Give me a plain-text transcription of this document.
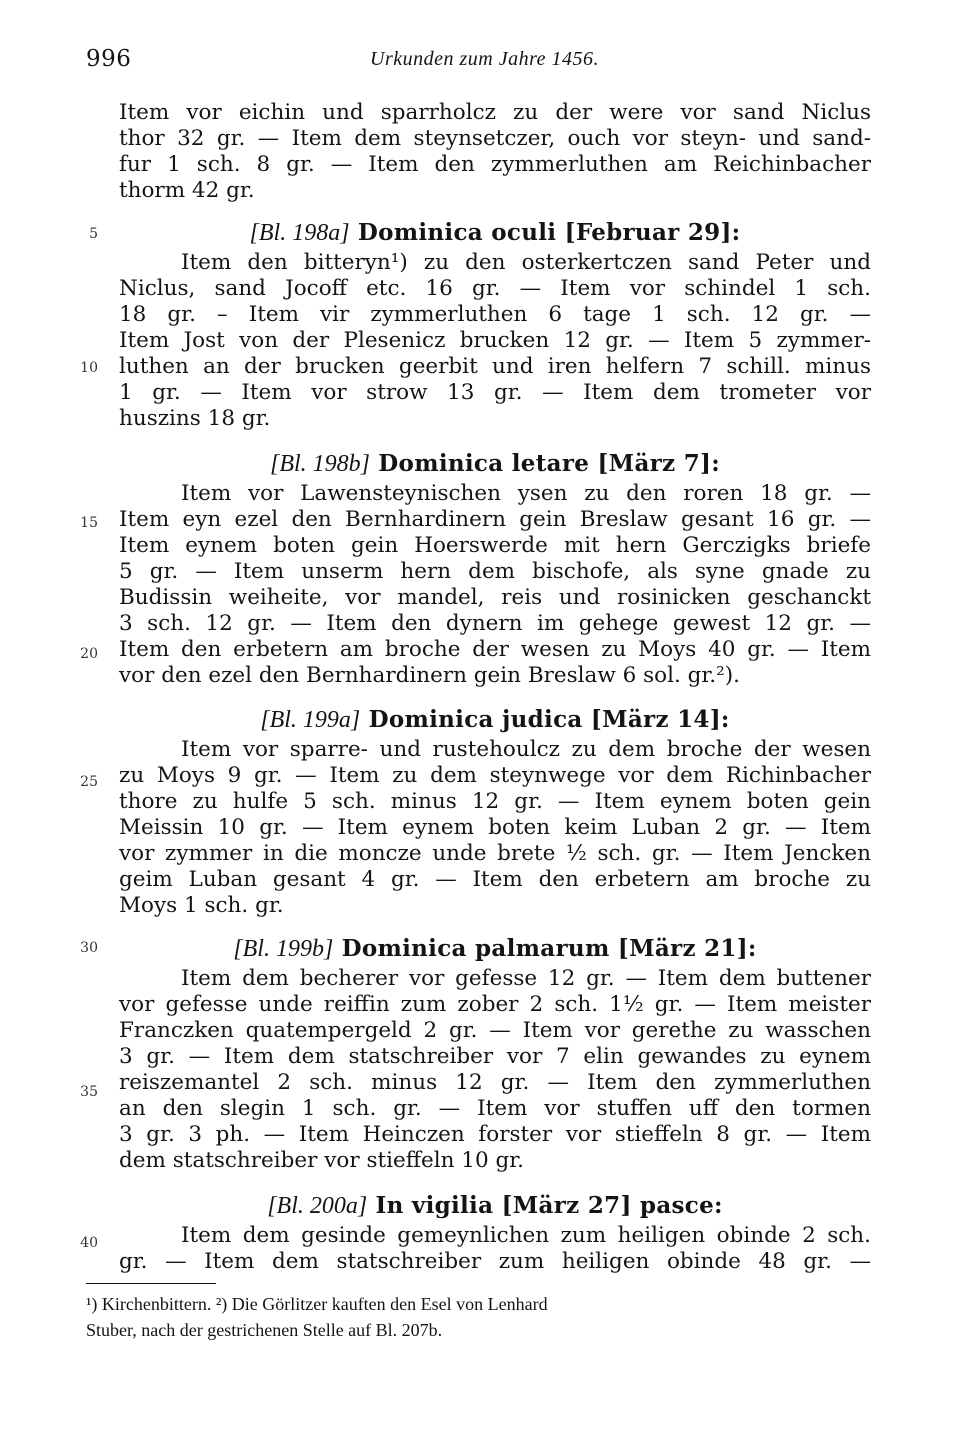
996	Urkunden zum Jahre 1456.
Item vor eichin und sparrholcz zu der were vor sand Niclus
thor 32 gr. — Item dem steynsetczer, ouch vor steyn- und sand-
fur 1 sch. 8 gr. — Item den zymmerluthen am Reichinbacher
thorm 42 gr.
[Bl. 198a] Dominica oculi [Februar 29]:
Item den bitteryn¹) zu den osterkertczen sand Peter und
Niclus, sand Jocoff etc. 16 gr. — Item vor schindel 1 sch.
18 gr. – Item vir zymmerluthen 6 tage 1 sch. 12 gr. —
Item Jost von der Plesenicz brucken 12 gr. — Item 5 zymmer-
luthen an der brucken geerbit und iren helfern 7 schill. minus
1 gr. — Item vor strow 13 gr. — Item dem trometer vor
huszins 18 gr.
[Bl. 198b] Dominica letare [März 7]:
Item vor Lawensteynischen ysen zu den roren 18 gr. —
Item eyn ezel den Bernhardinern gein Breslaw gesant 16 gr. —
Item eynem boten gein Hoerswerde mit hern Gerczigks briefe
5 gr. — Item unserm hern dem bischofe, als syne gnade zu
Budissin weiheite, vor mandel, reis und rosinicken geschanckt
3 sch. 12 gr. — Item den dynern im gehege gewest 12 gr. —
Item den erbetern am broche der wesen zu Moys 40 gr. — Item
vor den ezel den Bernhardinern gein Breslaw 6 sol. gr.²).
[Bl. 199a] Dominica judica [März 14]:
Item vor sparre- und rustehoulcz zu dem broche der wesen
zu Moys 9 gr. — Item zu dem steynwege vor dem Richinbacher
thore zu hulfe 5 sch. minus 12 gr. — Item eynem boten gein
Meissin 10 gr. — Item eynem boten keim Luban 2 gr. — Item
vor zymmer in die moncze unde brete ½ sch. gr. — Item Jencken
geim Luban gesant 4 gr. — Item den erbetern am broche zu
Moys 1 sch. gr.
[Bl. 199b] Dominica palmarum [März 21]:
Item dem becherer vor gefesse 12 gr. — Item dem buttener
vor gefesse unde reiffin zum zober 2 sch. 1½ gr. — Item meister
Franczken quatempergeld 2 gr. — Item vor gerethe zu wasschen
3 gr. — Item dem statschreiber vor 7 elin gewandes zu eynem
reiszemantel 2 sch. minus 12 gr. — Item den zymmerluthen
an den slegin 1 sch. gr. — Item vor stuffen uff den tormen
3 gr. 3 ph. — Item Heinczen forster vor stieffeln 8 gr. — Item
dem statschreiber vor stieffeln 10 gr.
[Bl. 200a] In vigilia [März 27] pasce:
Item dem gesinde gemeynlichen zum heiligen obinde 2 sch.
gr. — Item dem statschreiber zum heiligen obinde 48 gr. —
5
10
15
20
25
30
35
40
¹) Kirchenbittern. ²) Die Görlitzer kauften den Esel von Lenhard
Stuber, nach der gestrichenen Stelle auf Bl. 207b.
